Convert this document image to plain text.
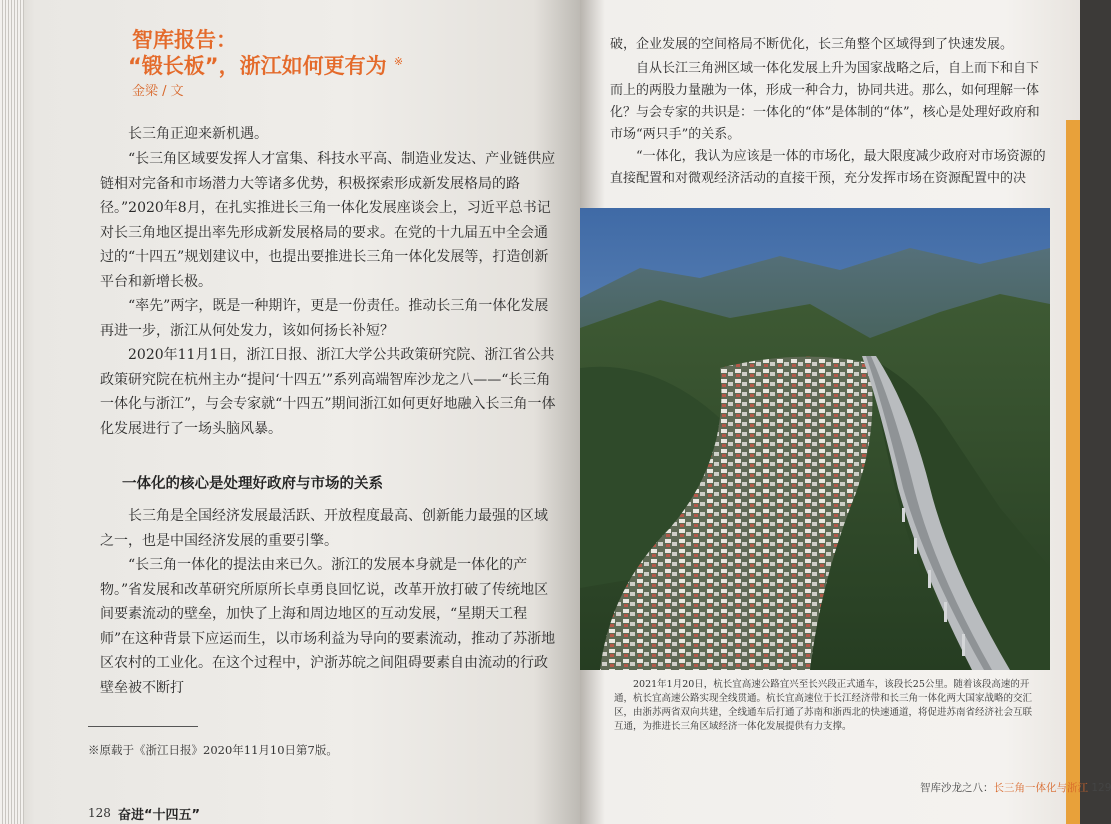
智库报告：
“锻长板”，浙江如何更有为 ※
金梁 / 文

长三角正迎来新机遇。

“长三角区域要发挥人才富集、科技水平高、制造业发达、产业链供应链相对完备和市场潜力大等诸多优势，积极探索形成新发展格局的路径。”2020年8月，在扎实推进长三角一体化发展座谈会上，习近平总书记对长三角地区提出率先形成新发展格局的要求。在党的十九届五中全会通过的“十四五”规划建议中，也提出要推进长三角一体化发展等，打造创新平台和新增长极。

“率先”两字，既是一种期许，更是一份责任。推动长三角一体化发展再进一步，浙江从何处发力，该如何扬长补短？

2020年11月1日，浙江日报、浙江大学公共政策研究院、浙江省公共政策研究院在杭州主办“提问‘十四五’”系列高端智库沙龙之八——“长三角一体化与浙江”，与会专家就“十四五”期间浙江如何更好地融入长三角一体化发展进行了一场头脑风暴。

一体化的核心是处理好政府与市场的关系

长三角是全国经济发展最活跃、开放程度最高、创新能力最强的区域之一，也是中国经济发展的重要引擎。

“长三角一体化的提法由来已久。浙江的发展本身就是一体化的产物。”省发展和改革研究所原所长卓勇良回忆说，改革开放打破了传统地区间要素流动的壁垒，加快了上海和周边地区的互动发展，“星期天工程师”在这种背景下应运而生，以市场利益为导向的要素流动，推动了苏浙地区农村的工业化。在这个过程中，沪浙苏皖之间阻碍要素自由流动的行政壁垒被不断打

※原载于《浙江日报》2020年11月10日第7版。
128 奋进“十四五”

破，企业发展的空间格局不断优化，长三角整个区域得到了快速发展。

自从长江三角洲区域一体化发展上升为国家战略之后，自上而下和自下而上的两股力量融为一体，形成一种合力，协同共进。那么，如何理解一体化？与会专家的共识是：一体化的“体”是体制的“体”，核心是处理好政府和市场“两只手”的关系。

“一体化，我认为应该是一体的市场化，最大限度减少政府对市场资源的直接配置和对微观经济活动的直接干预，充分发挥市场在资源配置中的决

2021年1月20日，杭长宜高速公路宜兴至长兴段正式通车，该段长25公里。随着该段高速的开通，杭长宜高速公路实现全线贯通。杭长宜高速位于长江经济带和长三角一体化两大国家战略的交汇区，由浙苏两省双向共建，全线通车后打通了苏南和浙西北的快速通道，将促进苏南省经济社会互联互通，为推进长三角区域经济一体化发展提供有力支撑。

智库沙龙之八：长三角一体化与浙江 129
